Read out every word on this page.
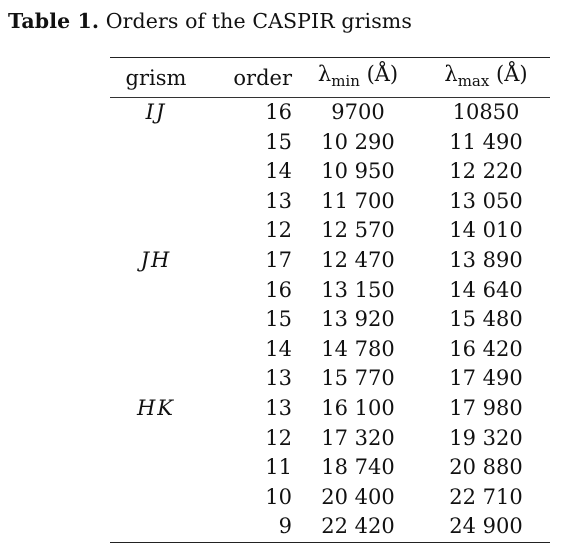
Table 1. Orders of the CASPIR grisms
grism	order	$\lambda_{min}$ (Å)	$\lambda_{max}$ (Å)
IJ	16	9700	10850
	15	10 290	11 490
	14	10 950	12 220
	13	11 700	13 050
	12	12 570	14 010
JH	17	12 470	13 890
	16	13 150	14 640
	15	13 920	15 480
	14	14 780	16 420
	13	15 770	17 490
HK	13	16 100	17 980
	12	17 320	19 320
	11	18 740	20 880
	10	20 400	22 710
	9	22 420	24 900
